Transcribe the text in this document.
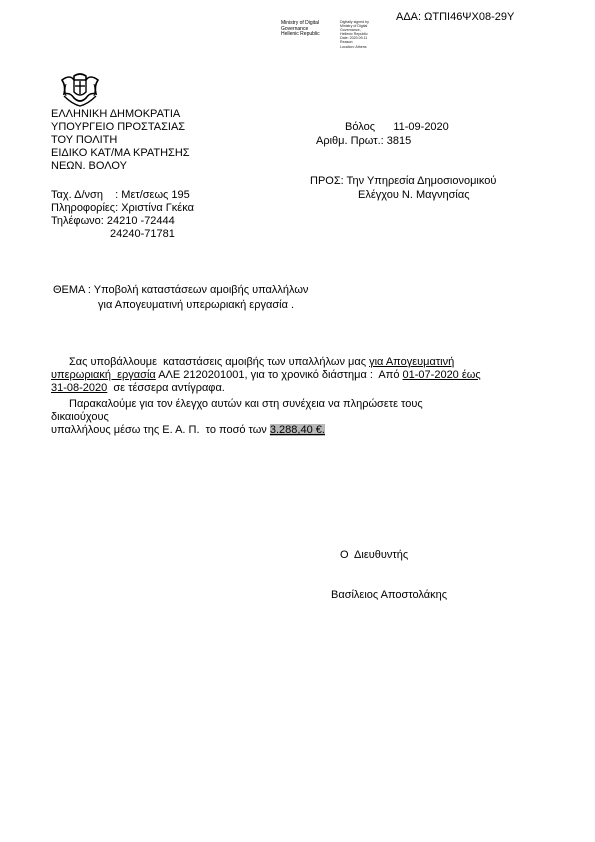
ΑΔΑ: ΩΤΠΙ46ΨΧ08-29Υ
Ministry of Digital
Governance
Hellenic Republic
Digitally signed by
Ministry of Digital
Governance,
Hellenic Republic
Date: 2020.09.11
Reason:
Location: Athens
ΕΛΛΗΝΙΚΗ ΔΗΜΟΚΡΑΤΙΑ
ΥΠΟΥΡΓΕΙΟ ΠΡΟΣΤΑΣΙΑΣ
ΤΟΥ ΠΟΛΙΤΗ
ΕΙΔΙΚΟ ΚΑΤ/ΜΑ ΚΡΑΤΗΣΗΣ
ΝΕΩΝ. ΒΟΛΟΥ
Βόλος      11-09-2020
Αριθμ. Πρωτ.: 3815
ΠΡΟΣ: Την Υπηρεσία Δημοσιονομικού
Ελέγχου Ν. Μαγνησίας
Ταχ. Δ/νση    : Μετ/σεως 195
Πληροφορίες: Χριστίνα Γκέκα
Τηλέφωνο: 24210 -72444
24240-71781
ΘΕΜΑ : Υποβολή καταστάσεων αμοιβής υπαλλήλων
για Απογευματινή υπερωριακή εργασία .
Σας υποβάλλουμε  καταστάσεις αμοιβής των υπαλλήλων μας για Απογευματινή
υπερωριακή  εργασία ΑΛΕ 2120201001, για το χρονικό διάστημα :  Από 01-07-2020 έως
31-08-2020  σε τέσσερα αντίγραφα.
Παρακαλούμε για τον έλεγχο αυτών και στη συνέχεια να πληρώσετε τους
δικαιούχους
υπαλλήλους μέσω της Ε. Α. Π.  το ποσό των 3.288,40 €.
Ο  Διευθυντής
Βασίλειος Αποστολάκης
